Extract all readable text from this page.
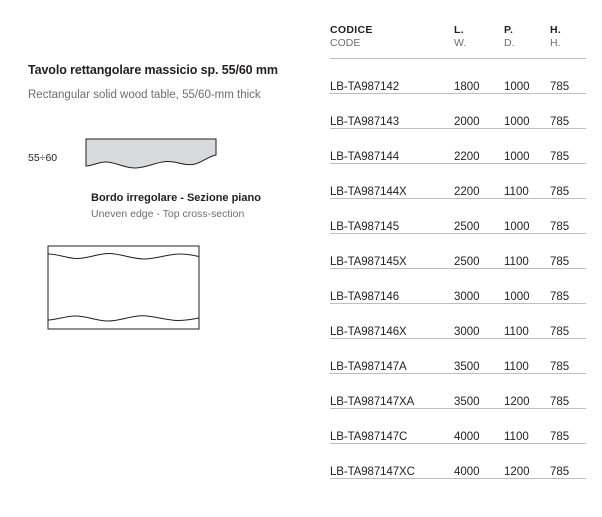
Tavolo rettangolare massicio sp. 55/60 mm
Rectangular solid wood table, 55/60-mm thick
55÷60
Bordo irregolare - Sezione piano
Uneven edge - Top cross-section
CODICE	L.	P.	H.
CODE	W.	D.	H.
LB-TA987142	1800	1000	785
LB-TA987143	2000	1000	785
LB-TA987144	2200	1000	785
LB-TA987144X	2200	1100	785
LB-TA987145	2500	1000	785
LB-TA987145X	2500	1100	785
LB-TA987146	3000	1000	785
LB-TA987146X	3000	1100	785
LB-TA987147A	3500	1100	785
LB-TA987147XA	3500	1200	785
LB-TA987147C	4000	1100	785
LB-TA987147XC	4000	1200	785
